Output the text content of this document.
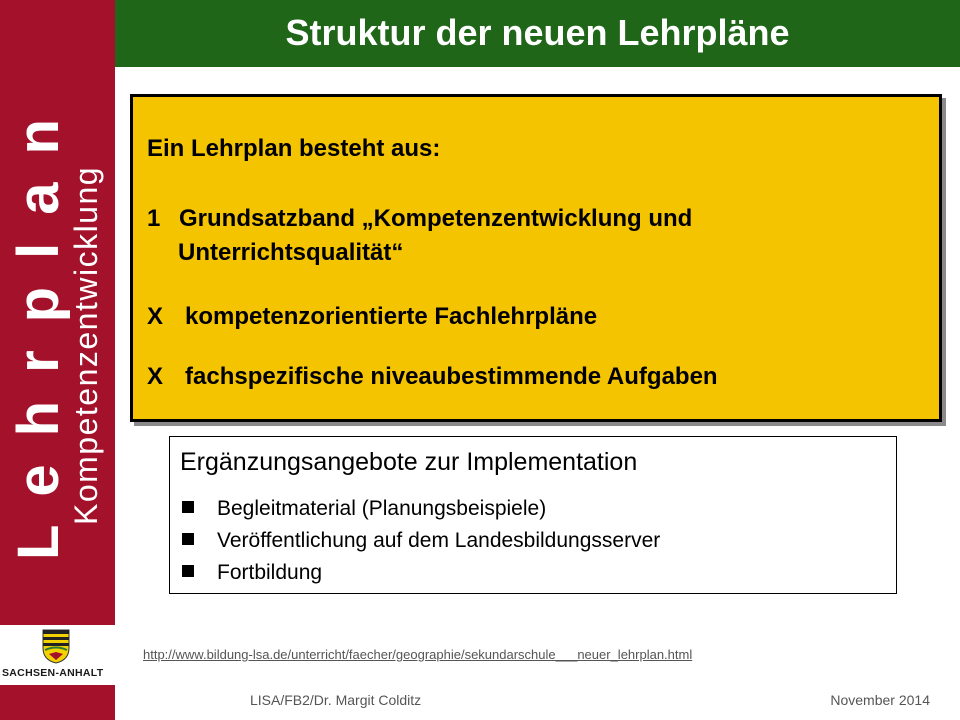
Lehrplan
Kompetenzentwicklung
SACHSEN-ANHALT
Struktur der neuen Lehrpläne
Ein Lehrplan besteht aus:
1 Grundsatzband „Kompetenzentwicklung und
Unterrichtsqualität“
X kompetenzorientierte Fachlehrpläne
X fachspezifische niveaubestimmende Aufgaben
Ergänzungsangebote zur Implementation
Begleitmaterial (Planungsbeispiele)
Veröffentlichung auf dem Landesbildungsserver
Fortbildung
http://www.bildung-lsa.de/unterricht/faecher/geographie/sekundarschule___neuer_lehrplan.html
LISA/FB2/Dr. Margit Colditz	November 2014
